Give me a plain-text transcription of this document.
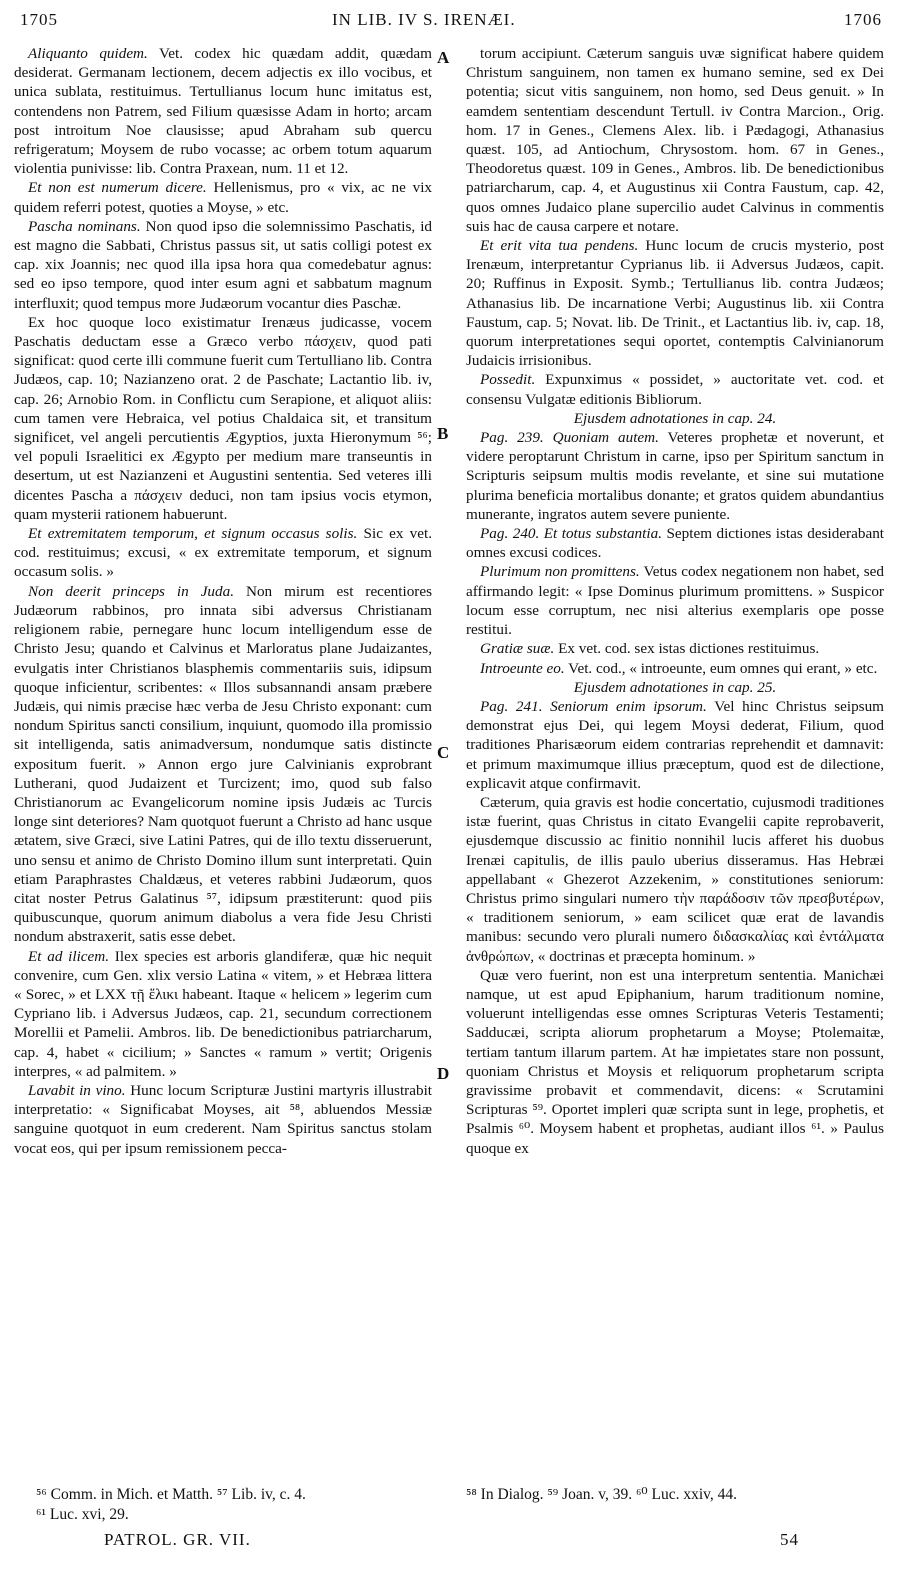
1705	IN LIB. IV S. IRENÆI.	1706
A
B
C
D

Aliquanto quidem. Vet. codex hic quædam addit, quædam desiderat. Germanam lectionem, decem adjectis ex illo vocibus, et unica sublata, restituimus. Tertullianus locum hunc imitatus est, contendens non Patrem, sed Filium quæsisse Adam in horto; arcam post introitum Noe clausisse; apud Abraham sub quercu refrigeratum; Moysem de rubo vocasse; ac orbem totum aquarum violentia punivisse: lib. Contra Praxean, num. 11 et 12.

Et non est numerum dicere. Hellenismus, pro « vix, ac ne vix quidem referri potest, quoties a Moyse, » etc.

Pascha nominans. Non quod ipso die solemnissimo Paschatis, id est magno die Sabbati, Christus passus sit, ut satis colligi potest ex cap. xix Joannis; nec quod illa ipsa hora qua comedebatur agnus: sed eo ipso tempore, quod inter esum agni et sabbatum magnum interfluxit; quod tempus more Judæorum vocantur dies Paschæ.

Ex hoc quoque loco existimatur Irenæus judicasse, vocem Paschatis deductam esse a Græco verbo πάσχειν, quod pati significat: quod certe illi commune fuerit cum Tertulliano lib. Contra Judæos, cap. 10; Nazianzeno orat. 2 de Paschate; Lactantio lib. iv, cap. 26; Arnobio Rom. in Conflictu cum Serapione, et aliquot aliis: cum tamen vere Hebraica, vel potius Chaldaica sit, et transitum significet, vel angeli percutientis Ægyptios, juxta Hieronymum ⁵⁶; vel populi Israelitici ex Ægypto per medium mare transeuntis in desertum, ut est Nazianzeni et Augustini sententia. Sed veteres illi dicentes Pascha a πάσχειν deduci, non tam ipsius vocis etymon, quam mysterii rationem habuerunt.

Et extremitatem temporum, et signum occasus solis. Sic ex vet. cod. restituimus; excusi, « ex extremitate temporum, et signum occasum solis. »

Non deerit princeps in Juda. Non mirum est recentiores Judæorum rabbinos, pro innata sibi adversus Christianam religionem rabie, pernegare hunc locum intelligendum esse de Christo Jesu; quando et Calvinus et Marloratus plane Judaizantes, evulgatis inter Christianos blasphemis commentariis suis, idipsum quoque inficientur, scribentes: « Illos subsannandi ansam præbere Judæis, qui nimis præcise hæc verba de Jesu Christo exponant: cum nondum Spiritus sancti consilium, inquiunt, quomodo illa promissio sit intelligenda, satis animadversum, nondumque satis distincte expositum fuerit. » Annon ergo jure Calvinianis exprobrant Lutherani, quod Judaizent et Turcizent; imo, quod sub falso Christianorum ac Evangelicorum nomine ipsis Judæis ac Turcis longe sint deteriores? Nam quotquot fuerunt a Christo ad hanc usque ætatem, sive Græci, sive Latini Patres, qui de illo textu disseruerunt, uno sensu et animo de Christo Domino illum sunt interpretati. Quin etiam Paraphrastes Chaldæus, et veteres rabbini Judæorum, quos citat noster Petrus Galatinus ⁵⁷, idipsum præstiterunt: quod piis quibuscunque, quorum animum diabolus a vera fide Jesu Christi nondum abstraxerit, satis esse debet.

Et ad ilicem. Ilex species est arboris glandiferæ, quæ hic nequit convenire, cum Gen. xlix versio Latina « vitem, » et Hebræa littera « Sorec, » et LXX τῇ ἕλικι habeant. Itaque « helicem » legerim cum Cypriano lib. i Adversus Judæos, cap. 21, secundum correctionem Morellii et Pamelii. Ambros. lib. De benedictionibus patriarcharum, cap. 4, habet « cicilium; » Sanctes « ramum » vertit; Origenis interpres, « ad palmitem. »

Lavabit in vino. Hunc locum Scripturæ Justini martyris illustrabit interpretatio: « Significabat Moyses, ait ⁵⁸, abluendos Messiæ sanguine quotquot in eum crederent. Nam Spiritus sanctus stolam vocat eos, qui per ipsum remissionem pecca-

torum accipiunt. Cæterum sanguis uvæ significat habere quidem Christum sanguinem, non tamen ex humano semine, sed ex Dei potentia; sicut vitis sanguinem, non homo, sed Deus genuit. » In eamdem sententiam descendunt Tertull. iv Contra Marcion., Orig. hom. 17 in Genes., Clemens Alex. lib. i Pædagogi, Athanasius quæst. 105, ad Antiochum, Chrysostom. hom. 67 in Genes., Theodoretus quæst. 109 in Genes., Ambros. lib. De benedictionibus patriarcharum, cap. 4, et Augustinus xii Contra Faustum, cap. 42, quos omnes Judaico plane supercilio audet Calvinus in commentis suis hac de causa carpere et notare.

Et erit vita tua pendens. Hunc locum de crucis mysterio, post Irenæum, interpretantur Cyprianus lib. ii Adversus Judæos, capit. 20; Ruffinus in Exposit. Symb.; Tertullianus lib. contra Judæos; Athanasius lib. De incarnatione Verbi; Augustinus lib. xii Contra Faustum, cap. 5; Novat. lib. De Trinit., et Lactantius lib. iv, cap. 18, quorum interpretationes sequi oportet, contemptis Calvinianorum Judaicis irrisionibus.

Possedit. Expunximus « possidet, » auctoritate vet. cod. et consensu Vulgatæ editionis Bibliorum.

Ejusdem adnotationes in cap. 24.

Pag. 239. Quoniam autem. Veteres prophetæ et noverunt, et videre peroptarunt Christum in carne, ipso per Spiritum sanctum in Scripturis seipsum multis modis revelante, et sine sui mutatione plurima beneficia mortalibus donante; et gratos quidem abundantius munerante, ingratos autem severe puniente.

Pag. 240. Et totus substantia. Septem dictiones istas desiderabant omnes excusi codices.

Plurimum non promittens. Vetus codex negationem non habet, sed affirmando legit: « Ipse Dominus plurimum promittens. » Suspicor locum esse corruptum, nec nisi alterius exemplaris ope posse restitui.

Gratiæ suæ. Ex vet. cod. sex istas dictiones restituimus.

Introeunte eo. Vet. cod., « introeunte, eum omnes qui erant, » etc.

Ejusdem adnotationes in cap. 25.

Pag. 241. Seniorum enim ipsorum. Vel hinc Christus seipsum demonstrat ejus Dei, qui legem Moysi dederat, Filium, quod traditiones Pharisæorum eidem contrarias reprehendit et damnavit: et primum maximumque illius præceptum, quod est de dilectione, explicavit atque confirmavit.

Cæterum, quia gravis est hodie concertatio, cujusmodi traditiones istæ fuerint, quas Christus in citato Evangelii capite reprobaverit, ejusdemque discussio ac finitio nonnihil lucis afferet his duobus Irenæi capitulis, de illis paulo uberius disseramus. Has Hebræi appellabant « Ghezerot Azzekenim, » constitutiones seniorum: Christus primo singulari numero τὴν παράδοσιν τῶν πρεσβυτέρων, « traditionem seniorum, » eam scilicet quæ erat de lavandis manibus: secundo vero plurali numero διδασκαλίας καὶ ἐντάλματα ἀνθρώπων, « doctrinas et præcepta hominum. »

Quæ vero fuerint, non est una interpretum sententia. Manichæi namque, ut est apud Epiphanium, harum traditionum nomine, voluerunt intelligendas esse omnes Scripturas Veteris Testamenti; Sadducæi, scripta aliorum prophetarum a Moyse; Ptolemaitæ, tertiam tantum illarum partem. At hæ impietates stare non possunt, quoniam Christus et Moysis et reliquorum prophetarum scripta gravissime probavit et commendavit, dicens: « Scrutamini Scripturas ⁵⁹. Oportet impleri quæ scripta sunt in lege, prophetis, et Psalmis ⁶⁰. Moysem habent et prophetas, audiant illos ⁶¹. » Paulus quoque ex

⁵⁶ Comm. in Mich. et Matth. ⁵⁷ Lib. iv, c. 4.
⁶¹ Luc. xvi, 29.
⁵⁸ In Dialog. ⁵⁹ Joan. v, 39. ⁶⁰ Luc. xxiv, 44.
PATROL. GR. VII.	54
